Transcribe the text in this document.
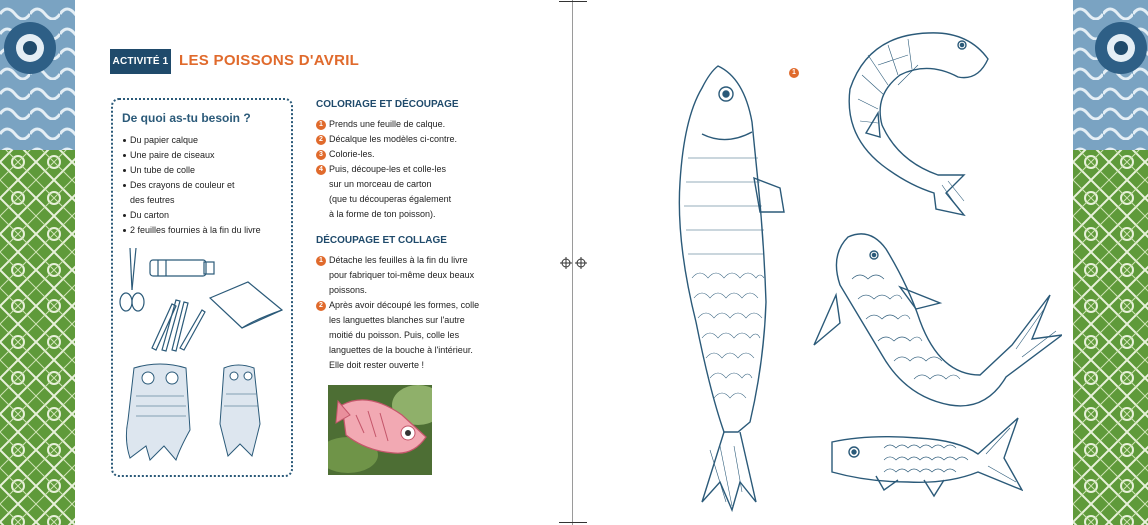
ACTIVITÉ 1 LES POISSONS D'AVRIL
De quoi as-tu besoin ?
Du papier calque
Une paire de ciseaux
Un tube de colle
Des crayons de couleur et
des feutres
Du carton
2 feuilles fournies à la fin du livre
COLORIAGE ET DÉCOUPAGE
1 Prends une feuille de calque.
2 Décalque les modèles ci-contre.
3 Colorie-les.
4 Puis, découpe-les et colle-les
sur un morceau de carton
(que tu découperas également
à la forme de ton poisson).
DÉCOUPAGE ET COLLAGE
1 Détache les feuilles à la fin du livre
pour fabriquer toi-même deux beaux
poissons.
2 Après avoir découpé les formes, colle
les languettes blanches sur l'autre
moitié du poisson. Puis, colle les
languettes de la bouche à l'intérieur.
Elle doit rester ouverte !
1
